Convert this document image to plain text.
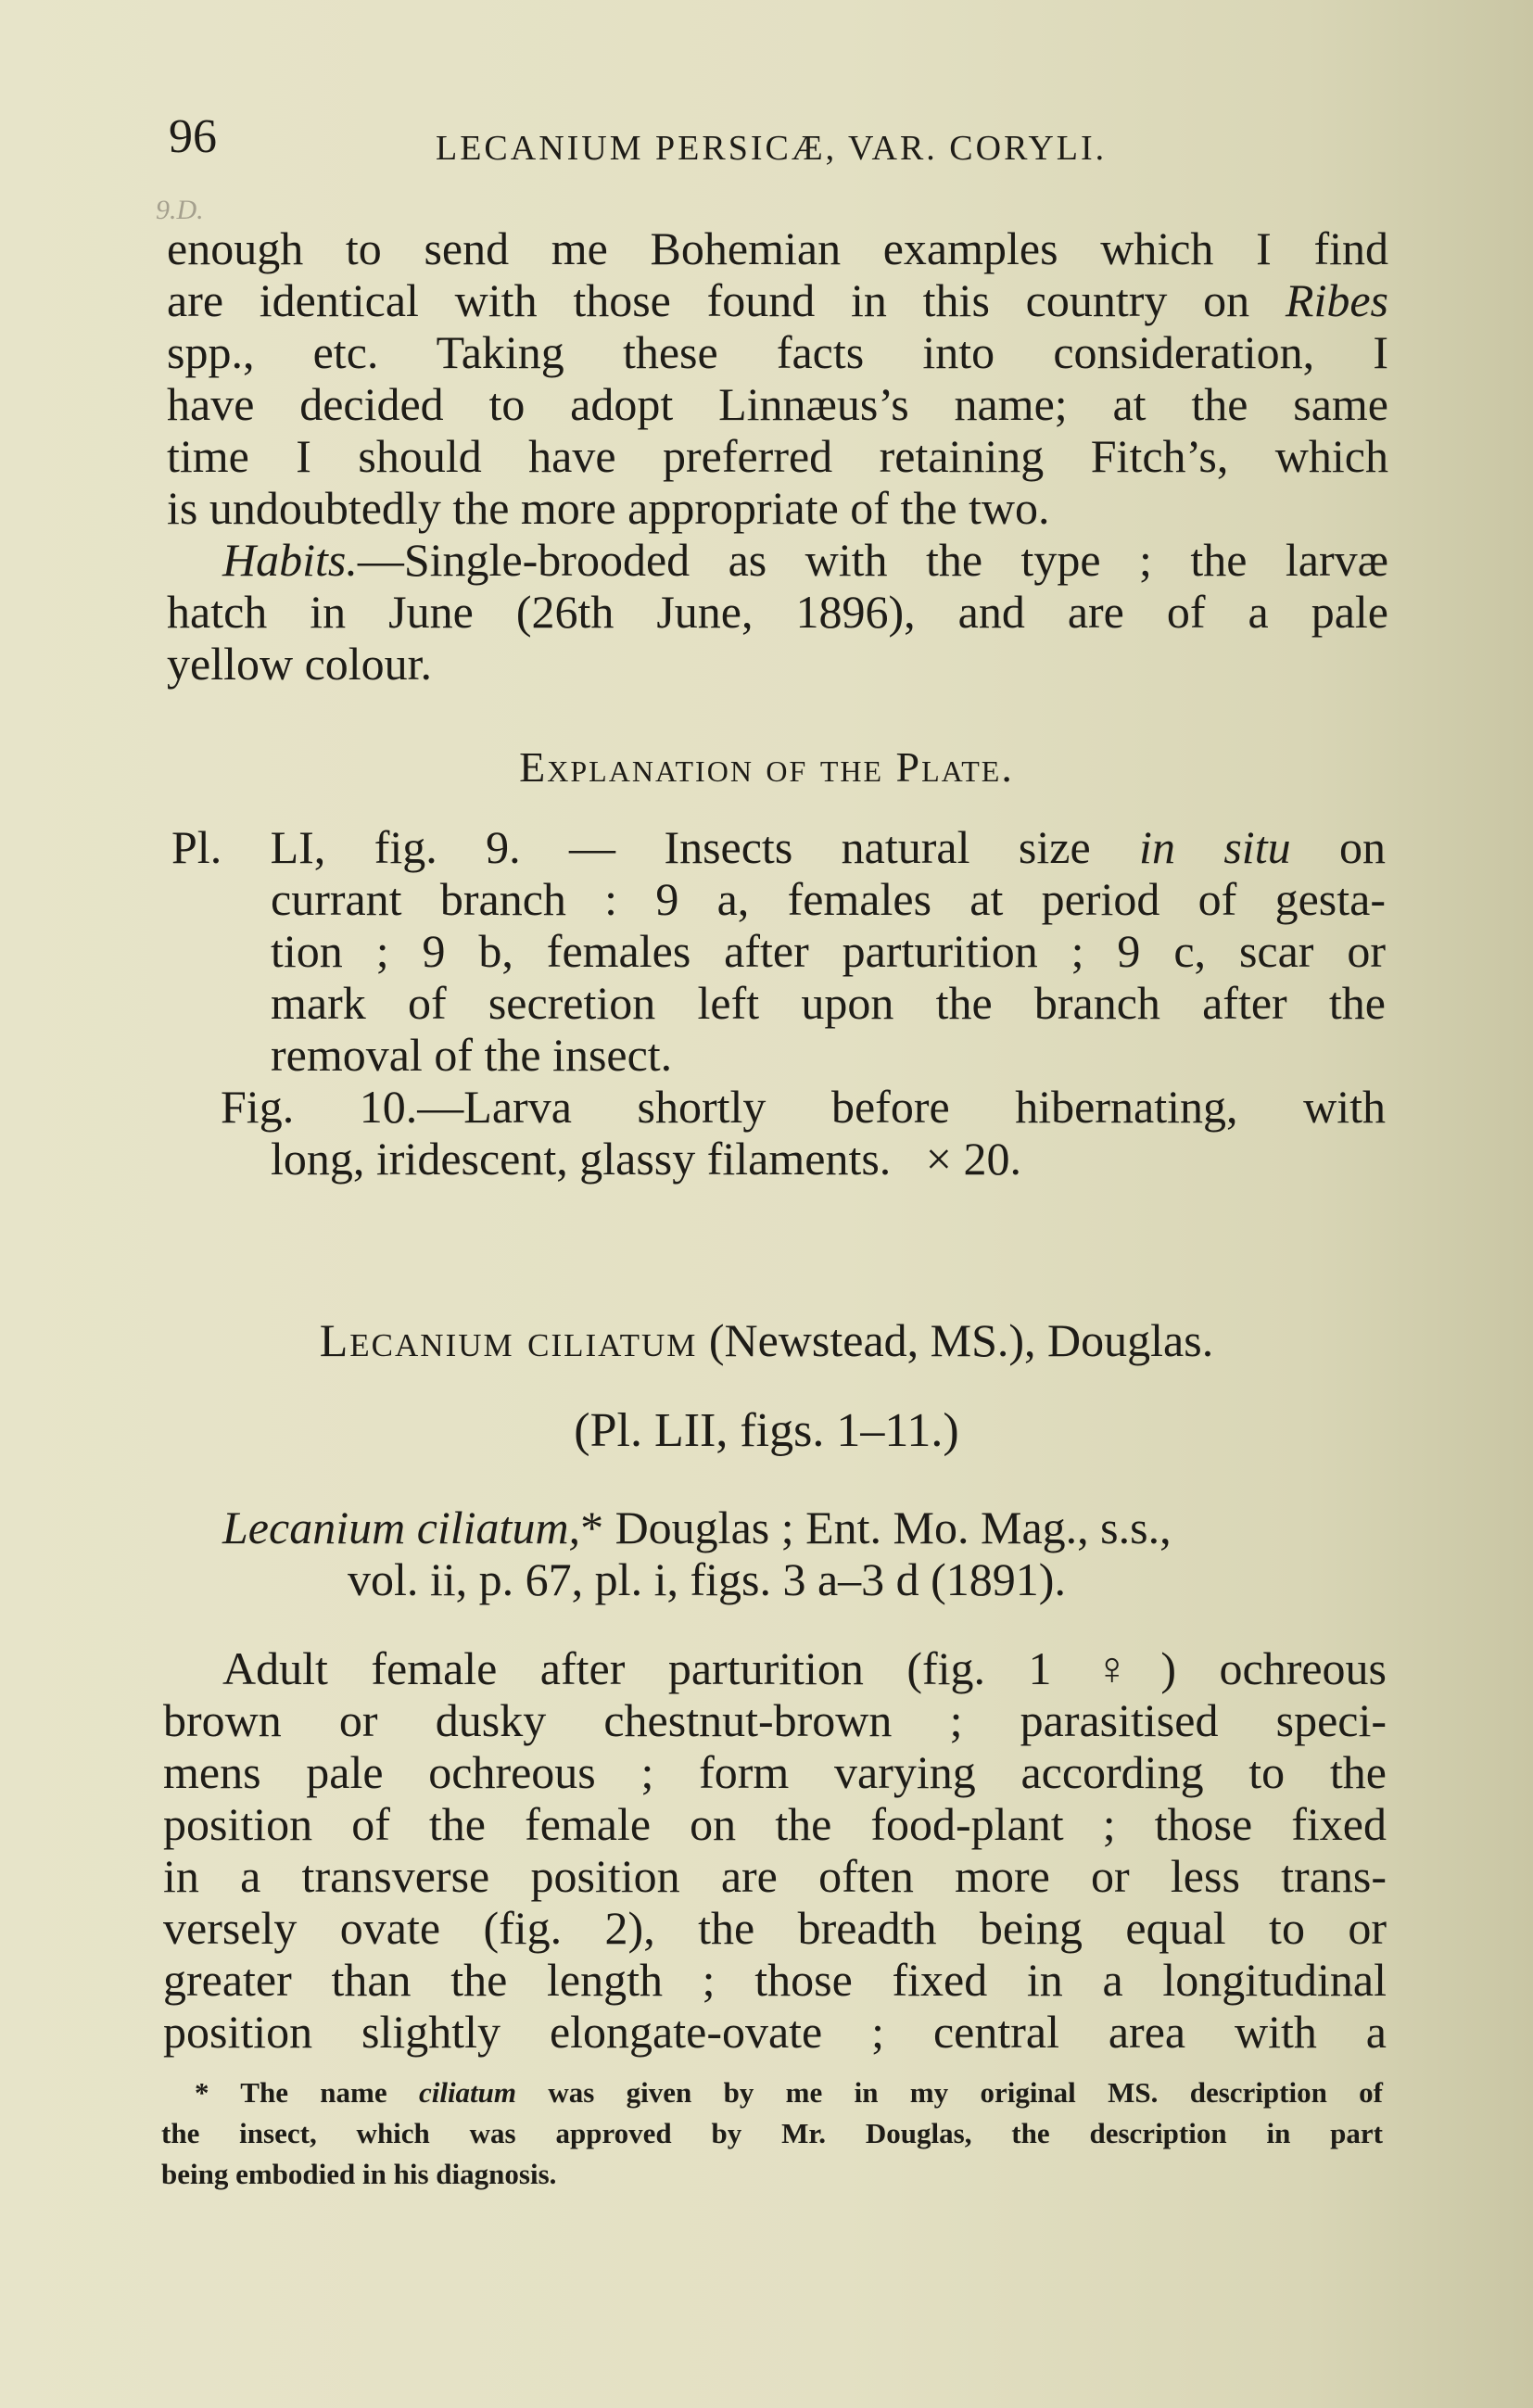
96	LECANIUM PERSICÆ, VAR. CORYLI.
9.D.
enough to send me Bohemian examples which I find
are identical with those found in this country on Ribes
spp., etc. Taking these facts into consideration, I
have decided to adopt Linnæus’s name; at the same
time I should have preferred retaining Fitch’s, which
is undoubtedly the more appropriate of the two.
Habits.—Single-brooded as with the type ; the larvæ
hatch in June (26th June, 1896), and are of a pale
yellow colour.
Explanation of the Plate.
Pl. LI, fig. 9. — Insects natural size in situ on
currant branch : 9 a, females at period of gesta-
tion ; 9 b, females after parturition ; 9 c, scar or
mark of secretion left upon the branch after the
removal of the insect.
Fig. 10.—Larva shortly before hibernating, with
long, iridescent, glassy filaments.   × 20.
Lecanium ciliatum (Newstead, MS.), Douglas.
(Pl. LII, figs. 1–11.)
Lecanium ciliatum,* Douglas ; Ent. Mo. Mag., s.s.,
vol. ii, p. 67, pl. i, figs. 3 a–3 d (1891).
Adult female after parturition (fig. 1 ♀) ochreous
brown or dusky chestnut-brown ; parasitised speci-
mens pale ochreous ; form varying according to the
position of the female on the food-plant ; those fixed
in a transverse position are often more or less trans-
versely ovate (fig. 2), the breadth being equal to or
greater than the length ; those fixed in a longitudinal
position slightly elongate-ovate ; central area with a
* The name ciliatum was given by me in my original MS. description of
the insect, which was approved by Mr. Douglas, the description in part
being embodied in his diagnosis.
